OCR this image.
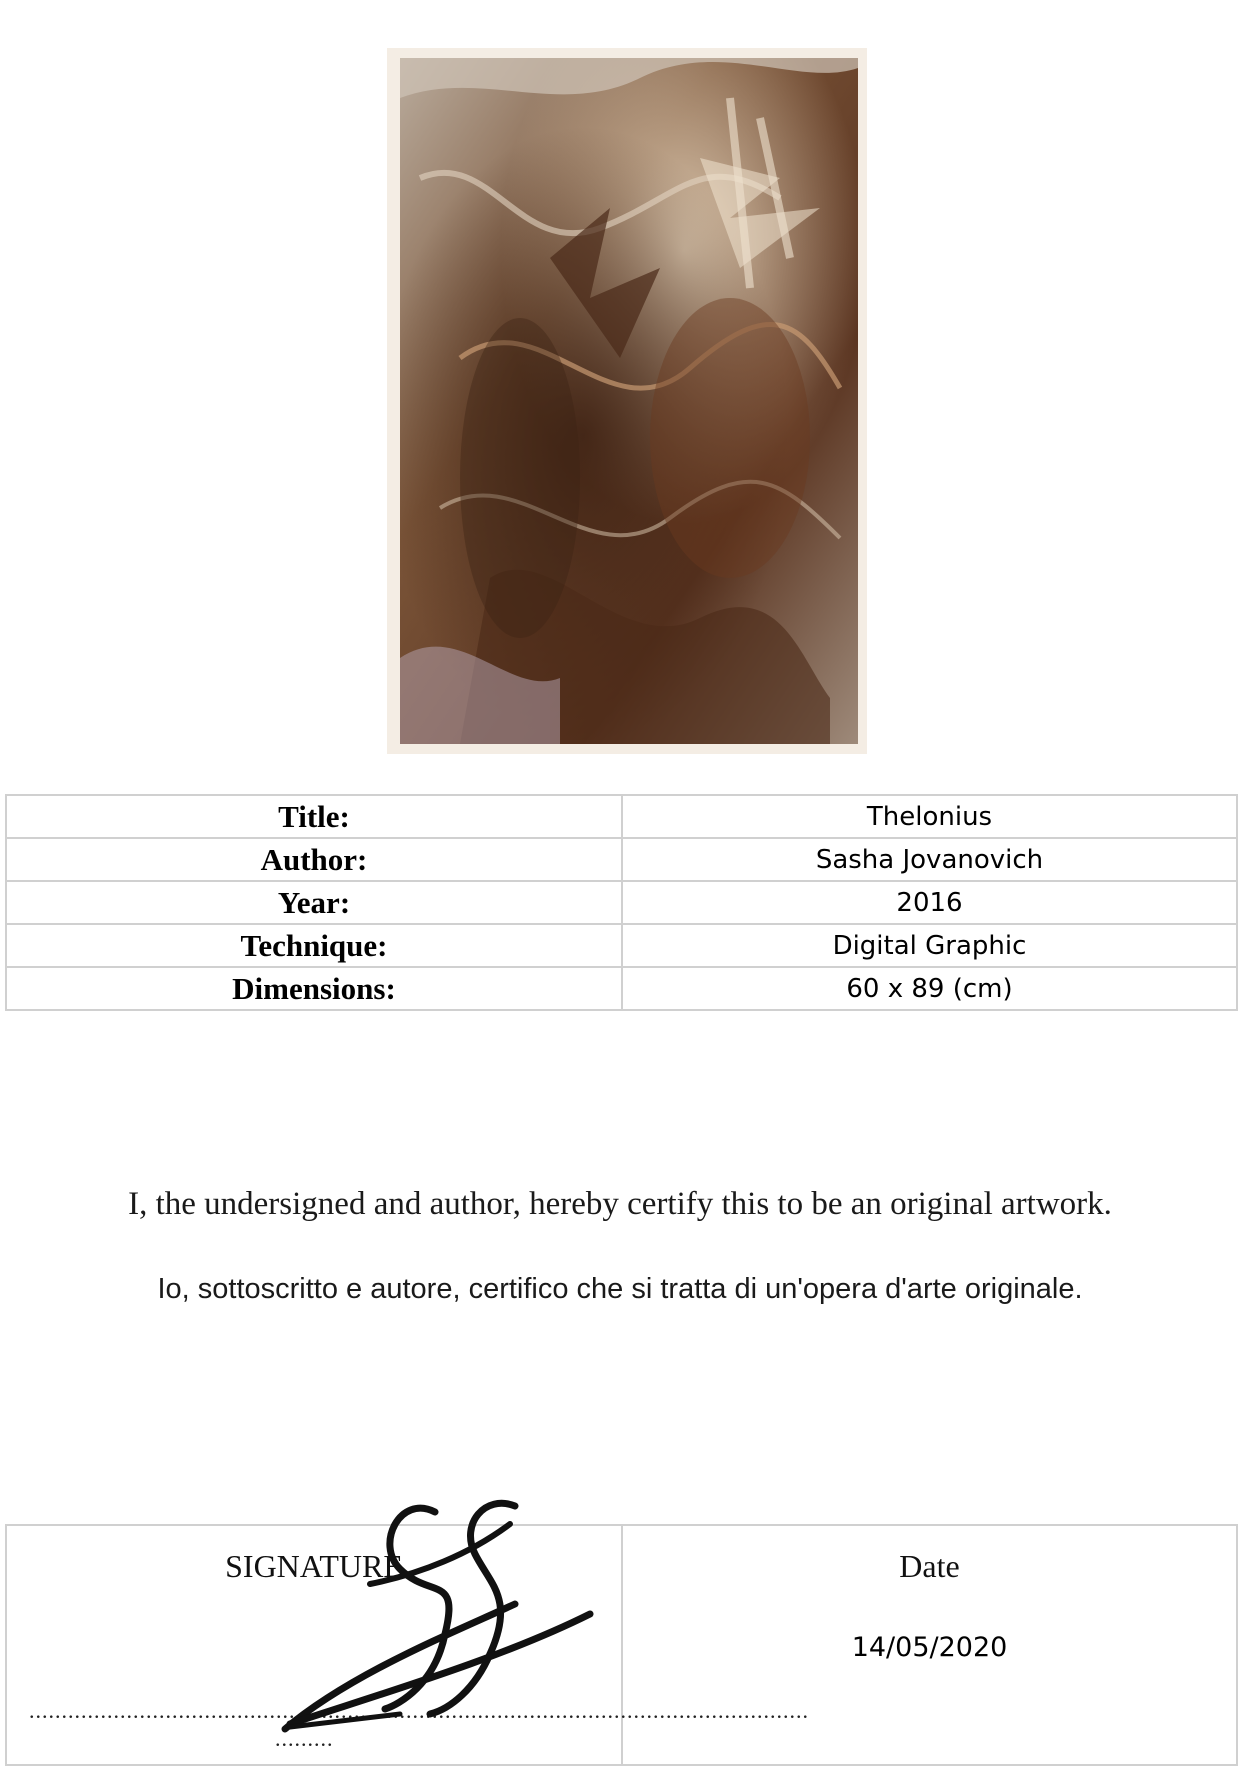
Title:	Thelonius
Author:	Sasha Jovanovich
Year:	2016
Technique:	Digital Graphic
Dimensions:	60 x 89 (cm)
I, the undersigned and author, hereby certify this to be an original artwork.
Io, sottoscritto e autore, certifico che si tratta di un'opera d'arte originale.
SIGNATURE
........................................................................................................................
.........

Date
14/05/2020
